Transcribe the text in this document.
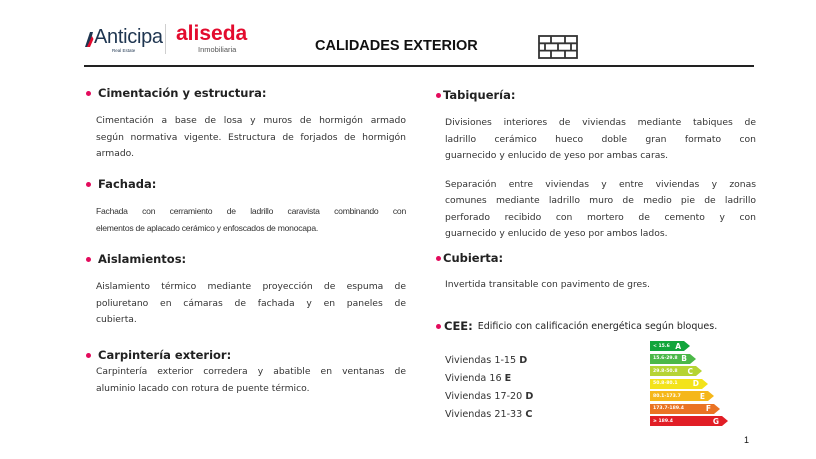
Anticipa
Real Estate
aliseda
Inmobiliaria	CALIDADES EXTERIOR
Cimentación y estructura:
Cimentación a base de losa y muros de hormigón armado
según normativa vigente. Estructura de forjados de hormigón
armado.
Fachada:
Fachada con cerramiento de ladrillo caravista combinando con
elementos de aplacado cerámico y enfoscados de monocapa.
Aislamientos:
Aislamiento térmico mediante proyección de espuma de
poliuretano en cámaras de fachada y en paneles de
cubierta.
Carpintería exterior:
Carpintería exterior corredera y abatible en ventanas de
aluminio lacado con rotura de puente térmico.
Tabiquería:
Divisiones interiores de viviendas mediante tabiques de
ladrillo cerámico hueco doble gran formato con
guarnecido y enlucido de yeso por ambas caras.
Separación entre viviendas y entre viviendas y zonas
comunes mediante ladrillo muro de medio pie de ladrillo
perforado recibido con mortero de cemento y con
guarnecido y enlucido de yeso por ambos lados.
Cubierta:
Invertida transitable con pavimento de gres.
CEE: Edificio con calificación energética según bloques.
Viviendas 1-15 D
Vivienda 16 E
Viviendas 17-20 D
Viviendas 21-33 C
< 15.6 A
15.6-29.8 B
29.8-50.8 C
50.8-80.1 D
80.1-173.7	E
173.7-189.4	F
≥ 189.4	G
1
